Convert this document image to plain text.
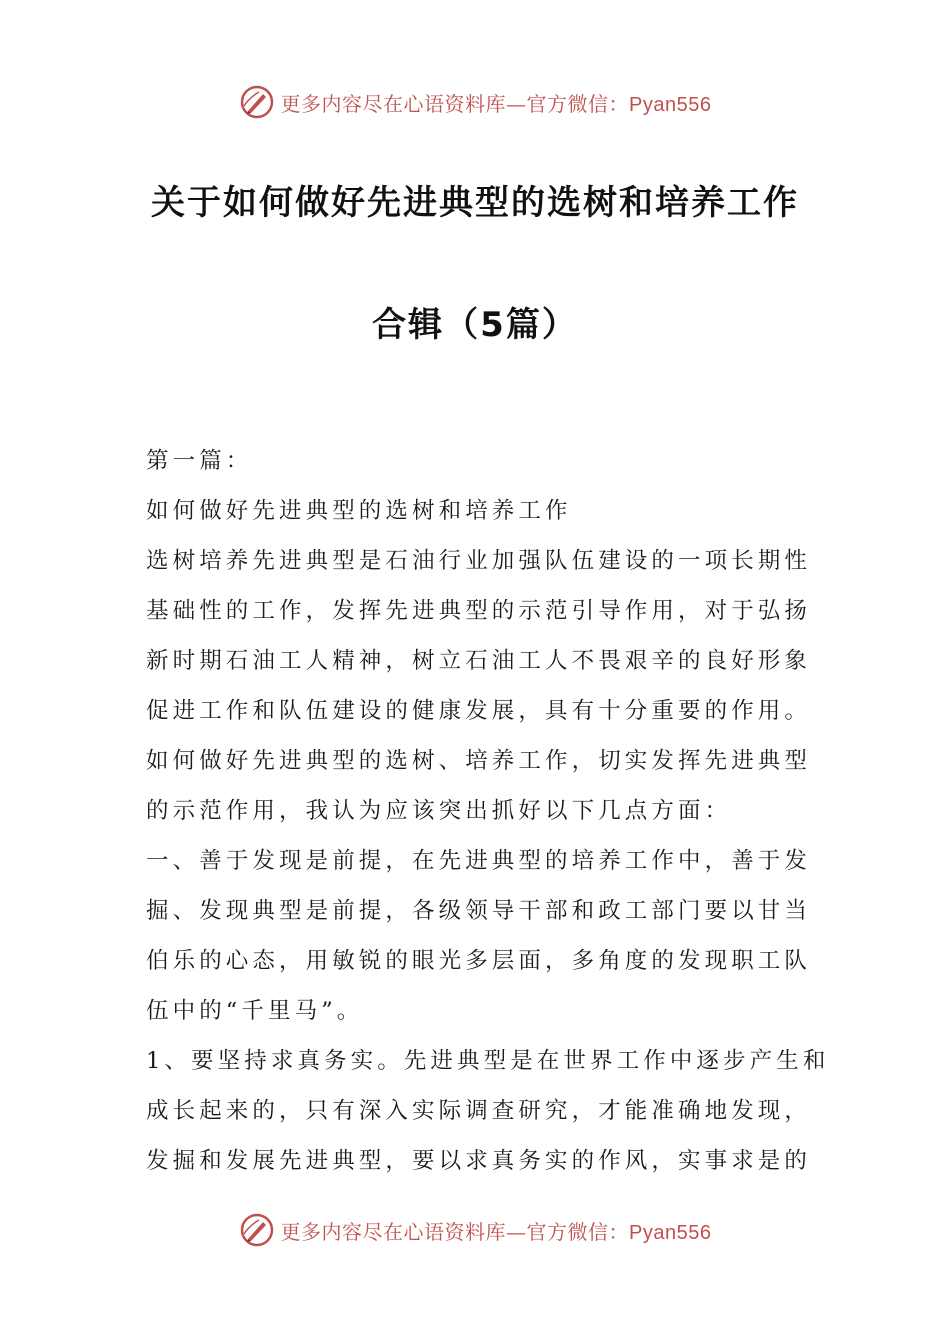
更多内容尽在心语资料库—官方微信：Pyan556
关于如何做好先进典型的选树和培养工作
合辑（5篇）

第一篇：

如何做好先进典型的选树和培养工作

选树培养先进典型是石油行业加强队伍建设的一项长期性

基础性的工作，发挥先进典型的示范引导作用，对于弘扬

新时期石油工人精神，树立石油工人不畏艰辛的良好形象

促进工作和队伍建设的健康发展，具有十分重要的作用。

如何做好先进典型的选树、培养工作，切实发挥先进典型

的示范作用，我认为应该突出抓好以下几点方面：

一、善于发现是前提，在先进典型的培养工作中，善于发

掘、发现典型是前提，各级领导干部和政工部门要以甘当

伯乐的心态，用敏锐的眼光多层面，多角度的发现职工队

伍中的“千里马”。

1、要坚持求真务实。先进典型是在世界工作中逐步产生和

成长起来的，只有深入实际调查研究，才能准确地发现，

发掘和发展先进典型，要以求真务实的作风，实事求是的

更多内容尽在心语资料库—官方微信：Pyan556
